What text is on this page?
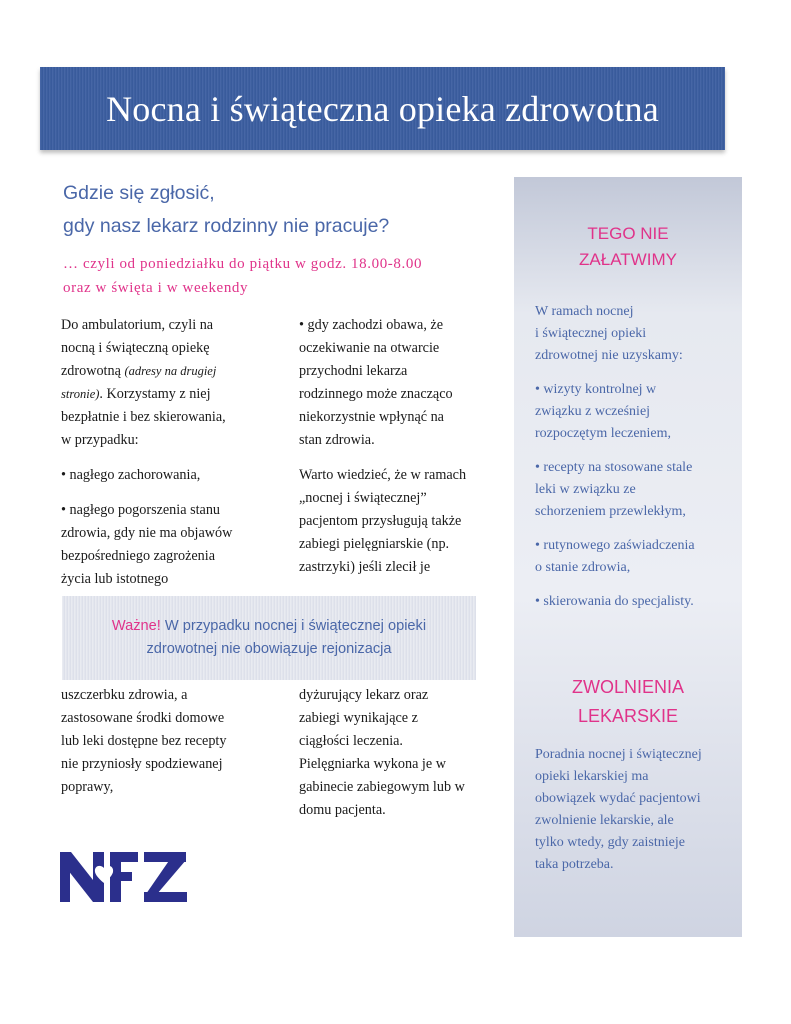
Nocna i świąteczna opieka zdrowotna
Gdzie się zgłosić,
gdy nasz lekarz rodzinny nie pracuje?
… czyli od poniedziałku do piątku w godz. 18.00-8.00
oraz w święta i w weekendy

Do ambulatorium, czyli na
nocną i świąteczną opiekę
zdrowotną (adresy na drugiej
stronie). Korzystamy z niej
bezpłatnie i bez skierowania,
w przypadku:

• nagłego zachorowania,

• nagłego pogorszenia stanu
zdrowia, gdy nie ma objawów
bezpośredniego zagrożenia
życia lub istotnego

• gdy zachodzi obawa, że
oczekiwanie na otwarcie
przychodni lekarza
rodzinnego może znacząco
niekorzystnie wpłynąć na
stan zdrowia.

Warto wiedzieć, że w ramach
„nocnej i świątecznej”
pacjentom przysługują także
zabiegi pielęgniarskie (np.
zastrzyki) jeśli zlecił je

Ważne! W przypadku nocnej i świątecznej opieki
zdrowotnej nie obowiązuje rejonizacja

uszczerbku zdrowia, a
zastosowane środki domowe
lub leki dostępne bez recepty
nie przyniosły spodziewanej
poprawy,

dyżurujący lekarz oraz
zabiegi wynikające z
ciągłości leczenia.
Pielęgniarka wykona je w
gabinecie zabiegowym lub w
domu pacjenta.

TEGO NIE
ZAŁATWIMY

W ramach nocnej
i świątecznej opieki
zdrowotnej nie uzyskamy:

• wizyty kontrolnej w
związku z wcześniej
rozpoczętym leczeniem,

• recepty na stosowane stale
leki w związku ze
schorzeniem przewlekłym,

• rutynowego zaświadczenia
o stanie zdrowia,

• skierowania do specjalisty.

ZWOLNIENIA
LEKARSKIE

Poradnia nocnej i świątecznej
opieki lekarskiej ma
obowiązek wydać pacjentowi
zwolnienie lekarskie, ale
tylko wtedy, gdy zaistnieje
taka potrzeba.
